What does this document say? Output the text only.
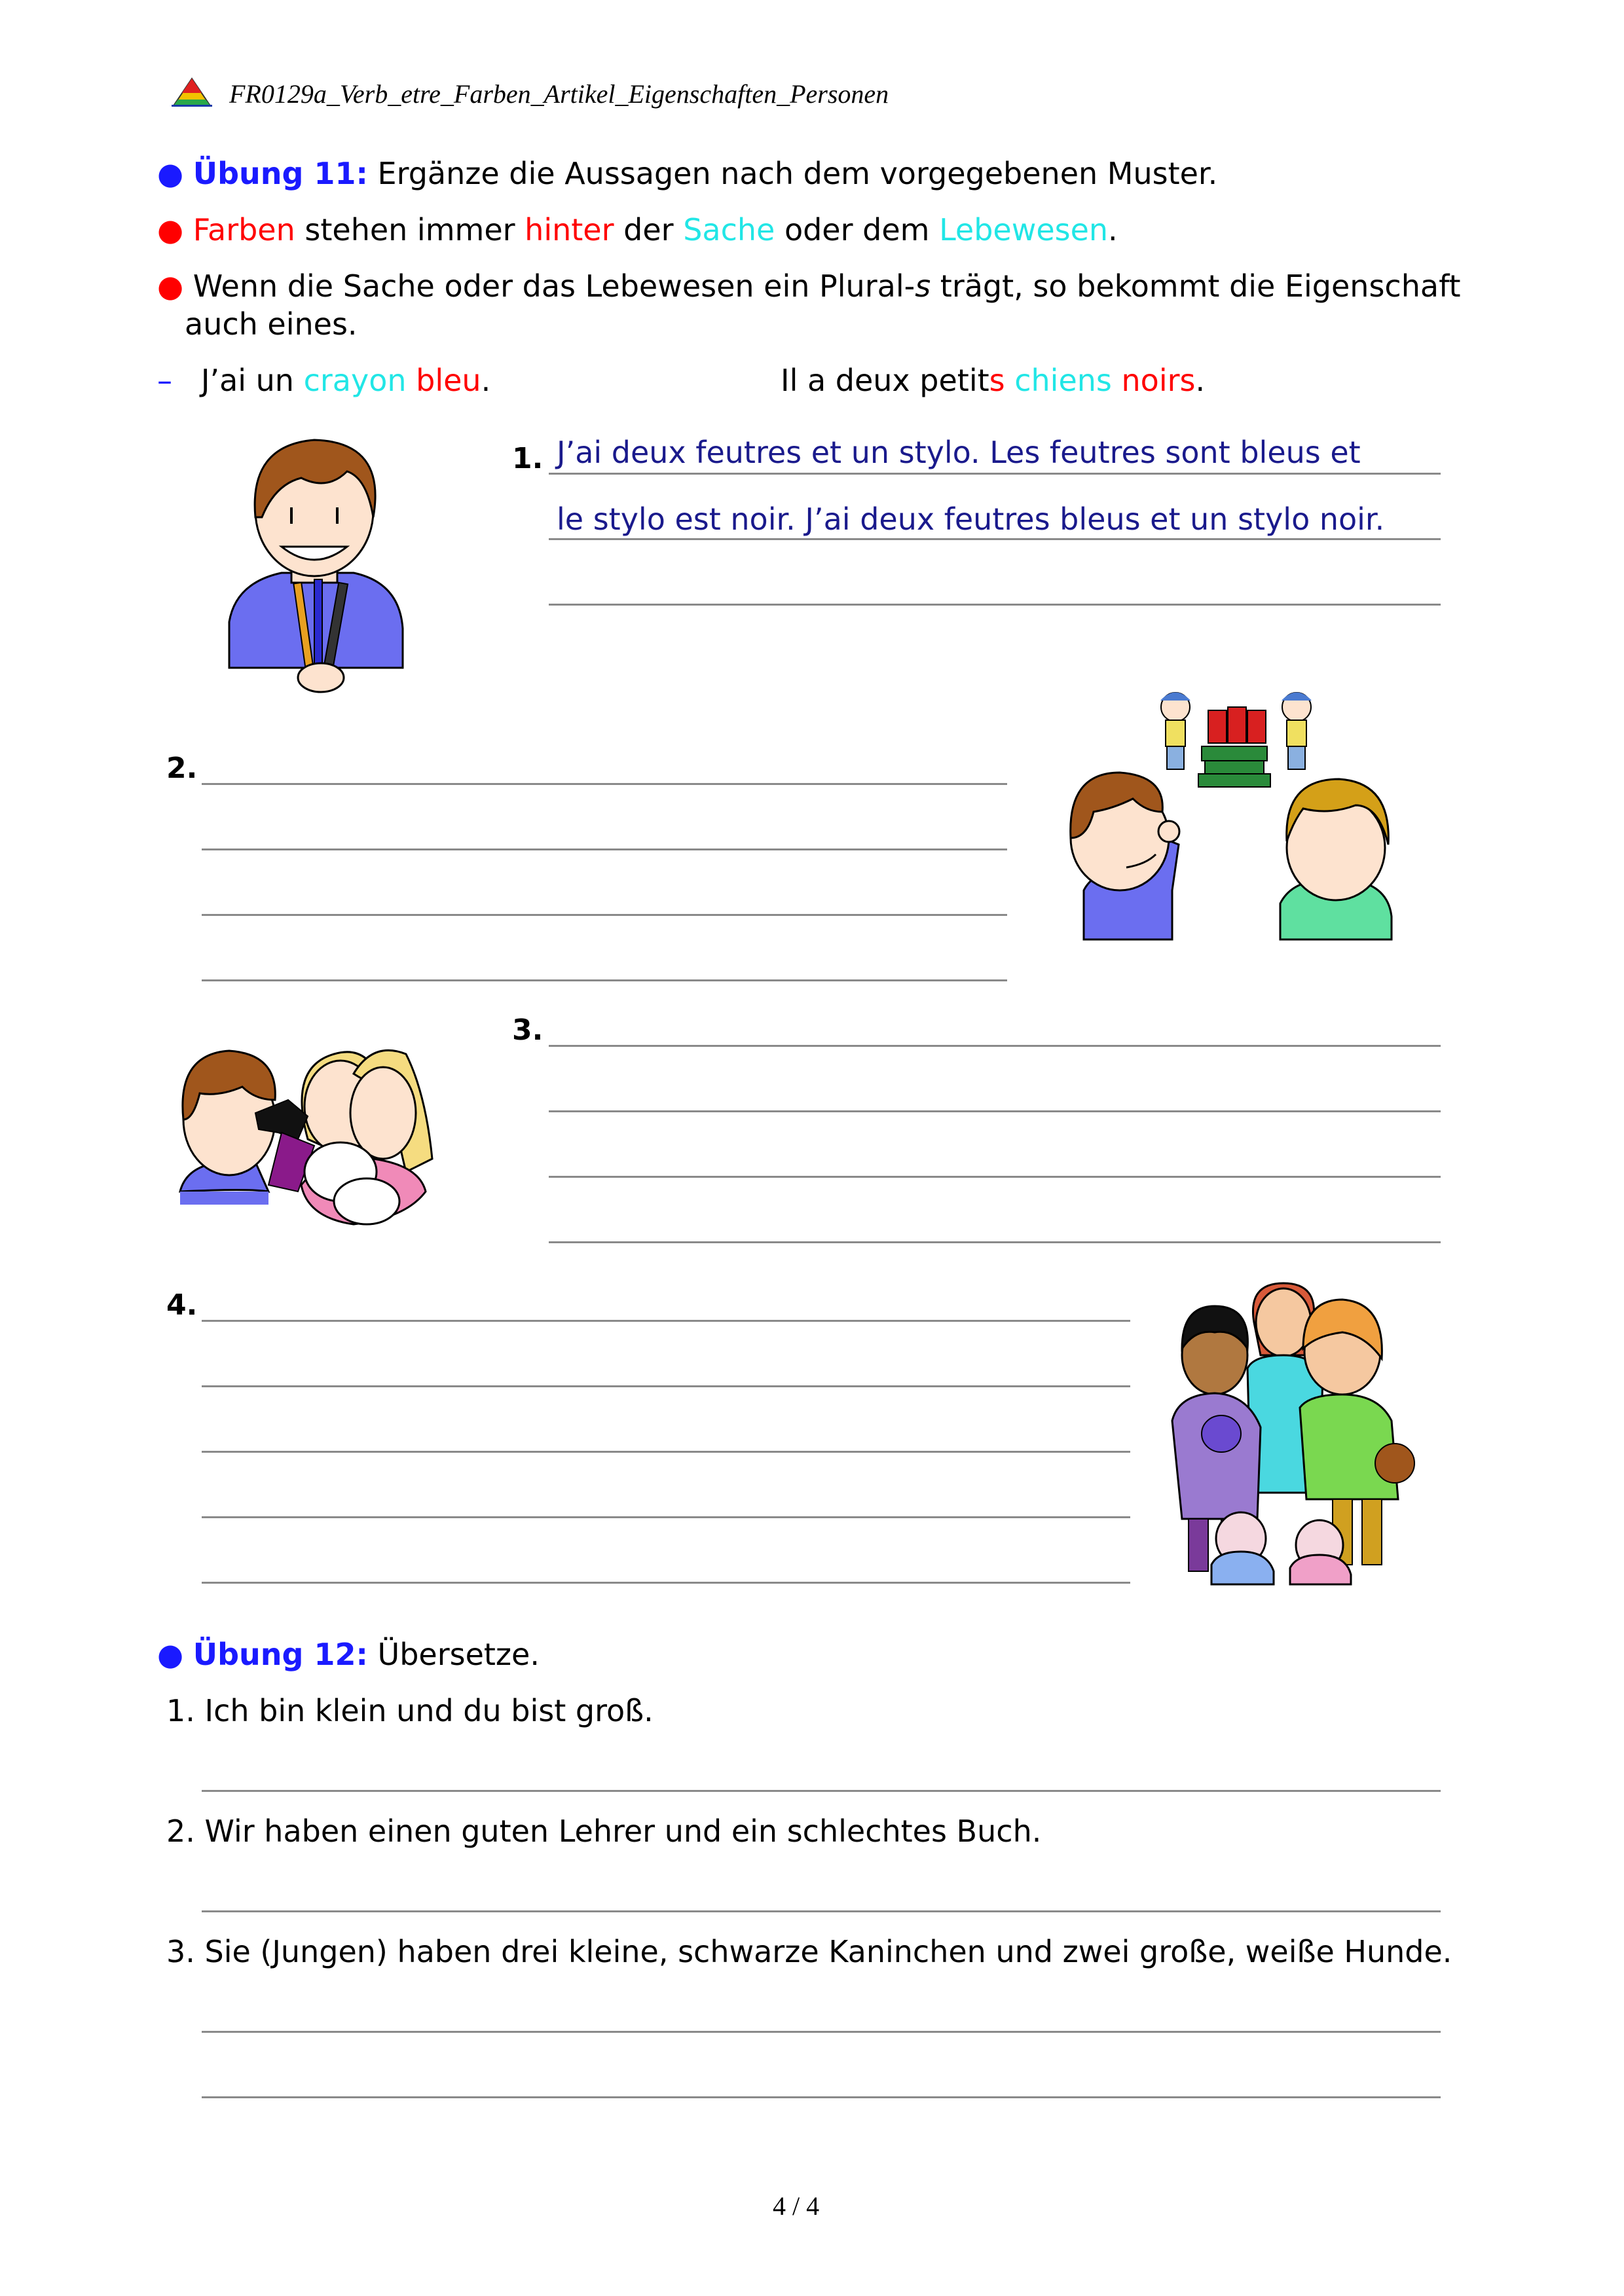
FR0129a_Verb_etre_Farben_Artikel_Eigenschaften_Personen
● Übung 11: Ergänze die Aussagen nach dem vorgegebenen Muster.
● Farben stehen immer hinter der Sache oder dem Lebewesen.
● Wenn die Sache oder das Lebewesen ein Plural-s trägt, so bekommt die Eigenschaft
auch eines.
– J’ai un crayon bleu.	Il a deux petits chiens noirs.
1. J’ai deux feutres et un stylo. Les feutres sont bleus et
le stylo est noir. J’ai deux feutres bleus et un stylo noir.
2.
3.
4.
● Übung 12: Übersetze.
1. Ich bin klein und du bist groß.
2. Wir haben einen guten Lehrer und ein schlechtes Buch.
3. Sie (Jungen) haben drei kleine, schwarze Kaninchen und zwei große, weiße Hunde.
4 / 4
